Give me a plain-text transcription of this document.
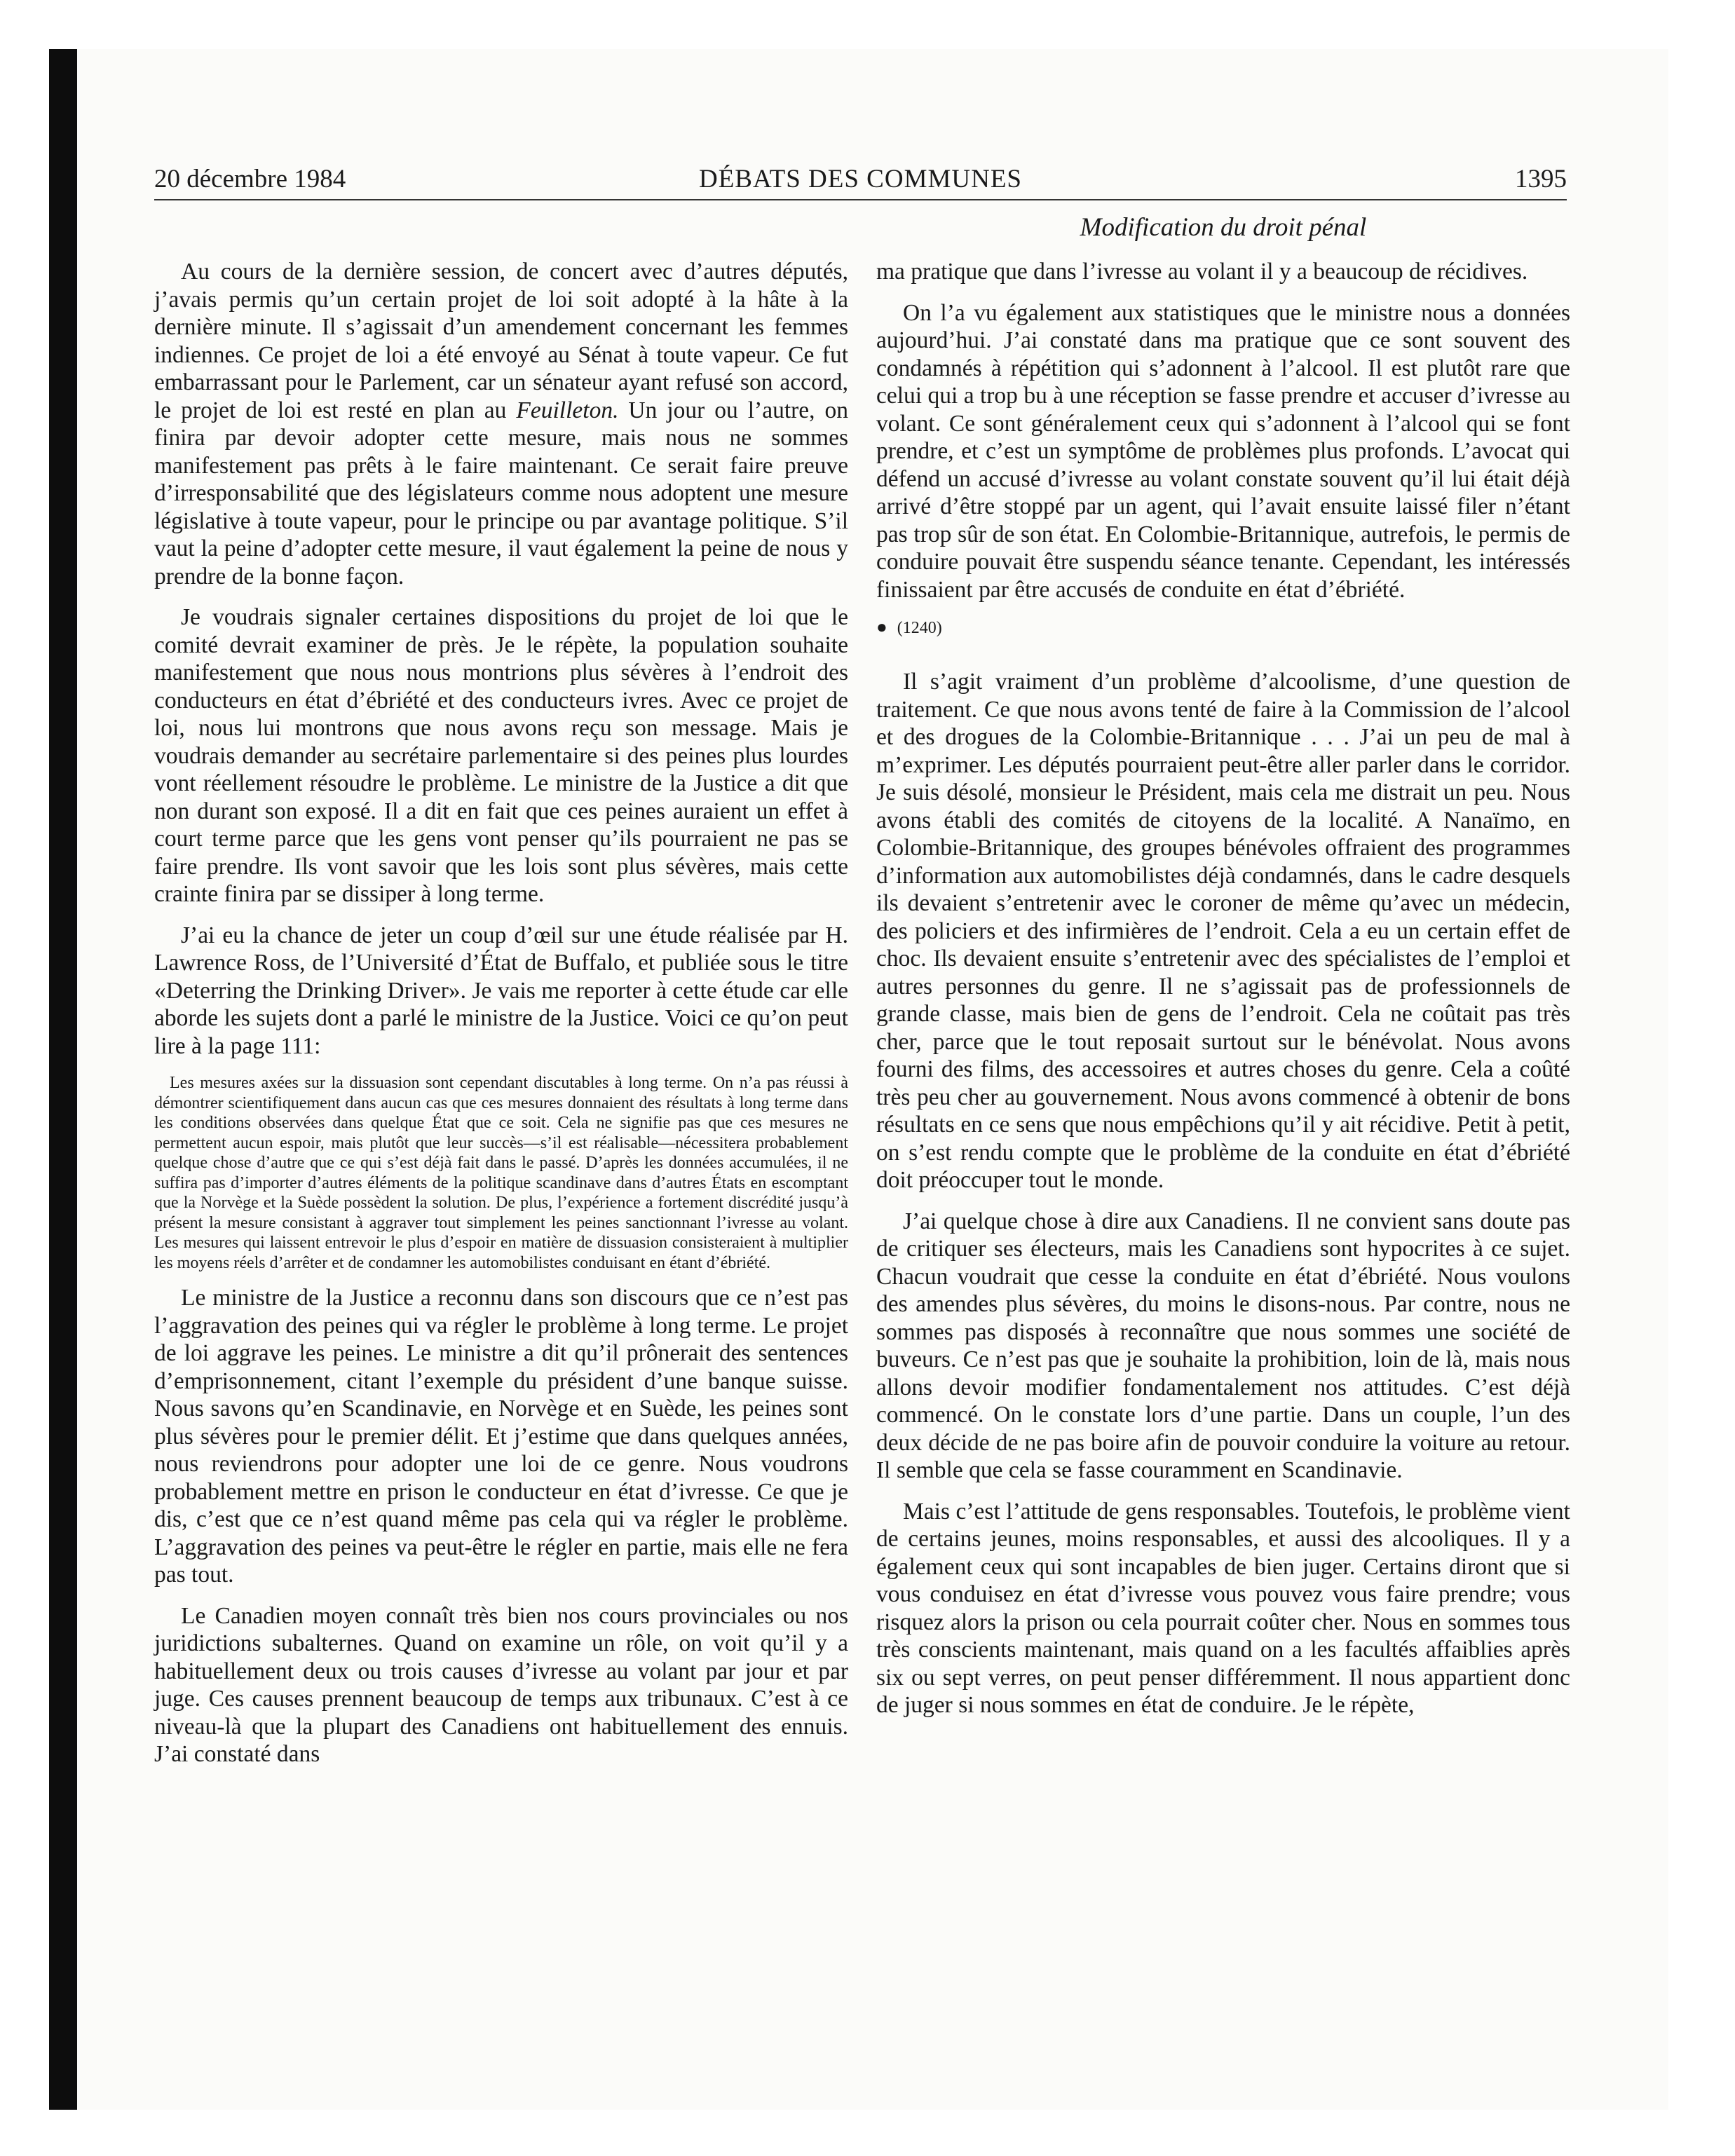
20 décembre 1984	DÉBATS DES COMMUNES	1395
Modification du droit pénal

Au cours de la dernière session, de concert avec d’autres députés, j’avais permis qu’un certain projet de loi soit adopté à la hâte à la dernière minute. Il s’agissait d’un amendement concernant les femmes indiennes. Ce projet de loi a été envoyé au Sénat à toute vapeur. Ce fut embarrassant pour le Parlement, car un sénateur ayant refusé son accord, le projet de loi est resté en plan au Feuilleton. Un jour ou l’autre, on finira par devoir adopter cette mesure, mais nous ne sommes manifestement pas prêts à le faire maintenant. Ce serait faire preuve d’irresponsabilité que des législateurs comme nous adoptent une mesure législative à toute vapeur, pour le principe ou par avantage politique. S’il vaut la peine d’adopter cette mesure, il vaut également la peine de nous y prendre de la bonne façon.

Je voudrais signaler certaines dispositions du projet de loi que le comité devrait examiner de près. Je le répète, la population souhaite manifestement que nous nous montrions plus sévères à l’endroit des conducteurs en état d’ébriété et des conducteurs ivres. Avec ce projet de loi, nous lui montrons que nous avons reçu son message. Mais je voudrais demander au secrétaire parlementaire si des peines plus lourdes vont réellement résoudre le problème. Le ministre de la Justice a dit que non durant son exposé. Il a dit en fait que ces peines auraient un effet à court terme parce que les gens vont penser qu’ils pourraient ne pas se faire prendre. Ils vont savoir que les lois sont plus sévères, mais cette crainte finira par se dissiper à long terme.

J’ai eu la chance de jeter un coup d’œil sur une étude réalisée par H. Lawrence Ross, de l’Université d’État de Buffalo, et publiée sous le titre «Deterring the Drinking Driver». Je vais me reporter à cette étude car elle aborde les sujets dont a parlé le ministre de la Justice. Voici ce qu’on peut lire à la page 111:

Les mesures axées sur la dissuasion sont cependant discutables à long terme. On n’a pas réussi à démontrer scientifiquement dans aucun cas que ces mesures donnaient des résultats à long terme dans les conditions observées dans quelque État que ce soit. Cela ne signifie pas que ces mesures ne permettent aucun espoir, mais plutôt que leur succès—s’il est réalisable—nécessitera probablement quelque chose d’autre que ce qui s’est déjà fait dans le passé. D’après les données accumulées, il ne suffira pas d’importer d’autres éléments de la politique scandinave dans d’autres États en escomptant que la Norvège et la Suède possèdent la solution. De plus, l’expérience a fortement discrédité jusqu’à présent la mesure consistant à aggraver tout simplement les peines sanctionnant l’ivresse au volant. Les mesures qui laissent entrevoir le plus d’espoir en matière de dissuasion consisteraient à multiplier les moyens réels d’arrêter et de condamner les automobilistes conduisant en étant d’ébriété.

Le ministre de la Justice a reconnu dans son discours que ce n’est pas l’aggravation des peines qui va régler le problème à long terme. Le projet de loi aggrave les peines. Le ministre a dit qu’il prônerait des sentences d’emprisonnement, citant l’exemple du président d’une banque suisse. Nous savons qu’en Scandinavie, en Norvège et en Suède, les peines sont plus sévères pour le premier délit. Et j’estime que dans quelques années, nous reviendrons pour adopter une loi de ce genre. Nous voudrons probablement mettre en prison le conducteur en état d’ivresse. Ce que je dis, c’est que ce n’est quand même pas cela qui va régler le problème. L’aggravation des peines va peut-être le régler en partie, mais elle ne fera pas tout.

Le Canadien moyen connaît très bien nos cours provinciales ou nos juridictions subalternes. Quand on examine un rôle, on voit qu’il y a habituellement deux ou trois causes d’ivresse au volant par jour et par juge. Ces causes prennent beaucoup de temps aux tribunaux. C’est à ce niveau-là que la plupart des Canadiens ont habituellement des ennuis. J’ai constaté dans

ma pratique que dans l’ivresse au volant il y a beaucoup de récidives.

On l’a vu également aux statistiques que le ministre nous a données aujourd’hui. J’ai constaté dans ma pratique que ce sont souvent des condamnés à répétition qui s’adonnent à l’alcool. Il est plutôt rare que celui qui a trop bu à une réception se fasse prendre et accuser d’ivresse au volant. Ce sont généralement ceux qui s’adonnent à l’alcool qui se font prendre, et c’est un symptôme de problèmes plus profonds. L’avocat qui défend un accusé d’ivresse au volant constate souvent qu’il lui était déjà arrivé d’être stoppé par un agent, qui l’avait ensuite laissé filer n’étant pas trop sûr de son état. En Colombie-Britannique, autrefois, le permis de conduire pouvait être suspendu séance tenante. Cependant, les intéressés finissaient par être accusés de conduite en état d’ébriété.

● (1240)

Il s’agit vraiment d’un problème d’alcoolisme, d’une question de traitement. Ce que nous avons tenté de faire à la Commission de l’alcool et des drogues de la Colombie-Britannique . . . J’ai un peu de mal à m’exprimer. Les députés pourraient peut-être aller parler dans le corridor. Je suis désolé, monsieur le Président, mais cela me distrait un peu. Nous avons établi des comités de citoyens de la localité. A Nanaïmo, en Colombie-Britannique, des groupes bénévoles offraient des programmes d’information aux automobilistes déjà condamnés, dans le cadre desquels ils devaient s’entretenir avec le coroner de même qu’avec un médecin, des policiers et des infirmières de l’endroit. Cela a eu un certain effet de choc. Ils devaient ensuite s’entretenir avec des spécialistes de l’emploi et autres personnes du genre. Il ne s’agissait pas de professionnels de grande classe, mais bien de gens de l’endroit. Cela ne coûtait pas très cher, parce que le tout reposait surtout sur le bénévolat. Nous avons fourni des films, des accessoires et autres choses du genre. Cela a coûté très peu cher au gouvernement. Nous avons commencé à obtenir de bons résultats en ce sens que nous empêchions qu’il y ait récidive. Petit à petit, on s’est rendu compte que le problème de la conduite en état d’ébriété doit préoccuper tout le monde.

J’ai quelque chose à dire aux Canadiens. Il ne convient sans doute pas de critiquer ses électeurs, mais les Canadiens sont hypocrites à ce sujet. Chacun voudrait que cesse la conduite en état d’ébriété. Nous voulons des amendes plus sévères, du moins le disons-nous. Par contre, nous ne sommes pas disposés à reconnaître que nous sommes une société de buveurs. Ce n’est pas que je souhaite la prohibition, loin de là, mais nous allons devoir modifier fondamentalement nos attitudes. C’est déjà commencé. On le constate lors d’une partie. Dans un couple, l’un des deux décide de ne pas boire afin de pouvoir conduire la voiture au retour. Il semble que cela se fasse couramment en Scandinavie.

Mais c’est l’attitude de gens responsables. Toutefois, le problème vient de certains jeunes, moins responsables, et aussi des alcooliques. Il y a également ceux qui sont incapables de bien juger. Certains diront que si vous conduisez en état d’ivresse vous pouvez vous faire prendre; vous risquez alors la prison ou cela pourrait coûter cher. Nous en sommes tous très conscients maintenant, mais quand on a les facultés affaiblies après six ou sept verres, on peut penser différemment. Il nous appartient donc de juger si nous sommes en état de conduire. Je le répète,
